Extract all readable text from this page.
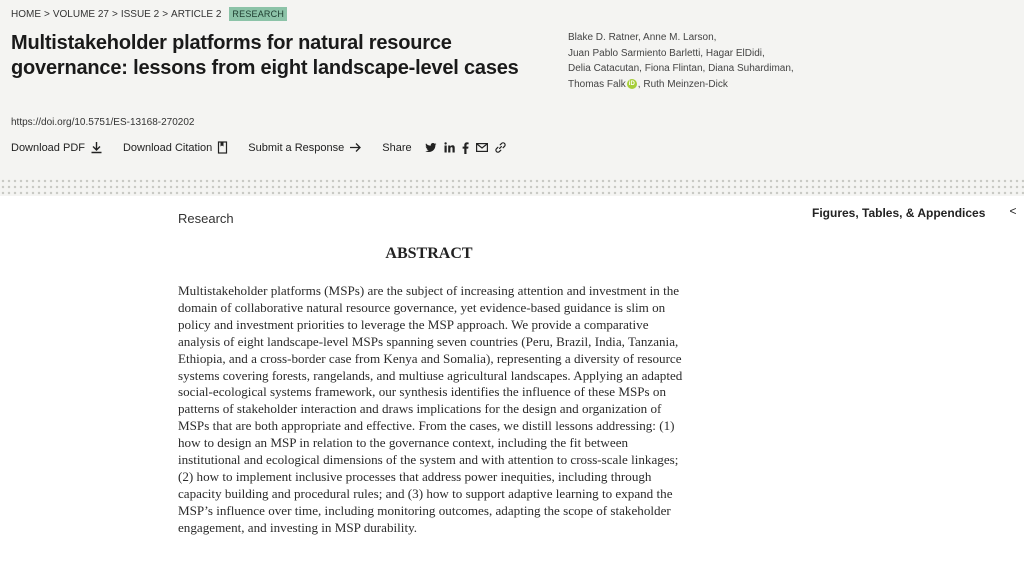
HOME > VOLUME 27 > ISSUE 2 > ARTICLE 2	RESEARCH
Multistakeholder platforms for natural resource governance: lessons from eight landscape-level cases
Blake D. Ratner, Anne M. Larson,
Juan Pablo Sarmiento Barletti, Hagar ElDidi,
Delia Catacutan, Fiona Flintan, Diana Suhardiman,
Thomas Falk iD , Ruth Meinzen-Dick
https://doi.org/10.5751/ES-13168-270202
Download PDF	Download Citation	Submit a Response	Share
Research	Figures, Tables, & Appendices	<
ABSTRACT

Multistakeholder platforms (MSPs) are the subject of increasing attention and investment in the domain of collaborative natural resource governance, yet evidence-based guidance is slim on policy and investment priorities to leverage the MSP approach. We provide a comparative analysis of eight landscape-level MSPs spanning seven countries (Peru, Brazil, India, Tanzania, Ethiopia, and a cross-border case from Kenya and Somalia), representing a diversity of resource systems covering forests, rangelands, and multiuse agricultural landscapes. Applying an adapted social-ecological systems framework, our synthesis identifies the influence of these MSPs on patterns of stakeholder interaction and draws implications for the design and organization of MSPs that are both appropriate and effective. From the cases, we distill lessons addressing: (1) how to design an MSP in relation to the governance context, including the fit between institutional and ecological dimensions of the system and with attention to cross-scale linkages; (2) how to implement inclusive processes that address power inequities, including through capacity building and procedural rules; and (3) how to support adaptive learning to expand the MSP’s influence over time, including monitoring outcomes, adapting the scope of stakeholder engagement, and investing in MSP durability.
